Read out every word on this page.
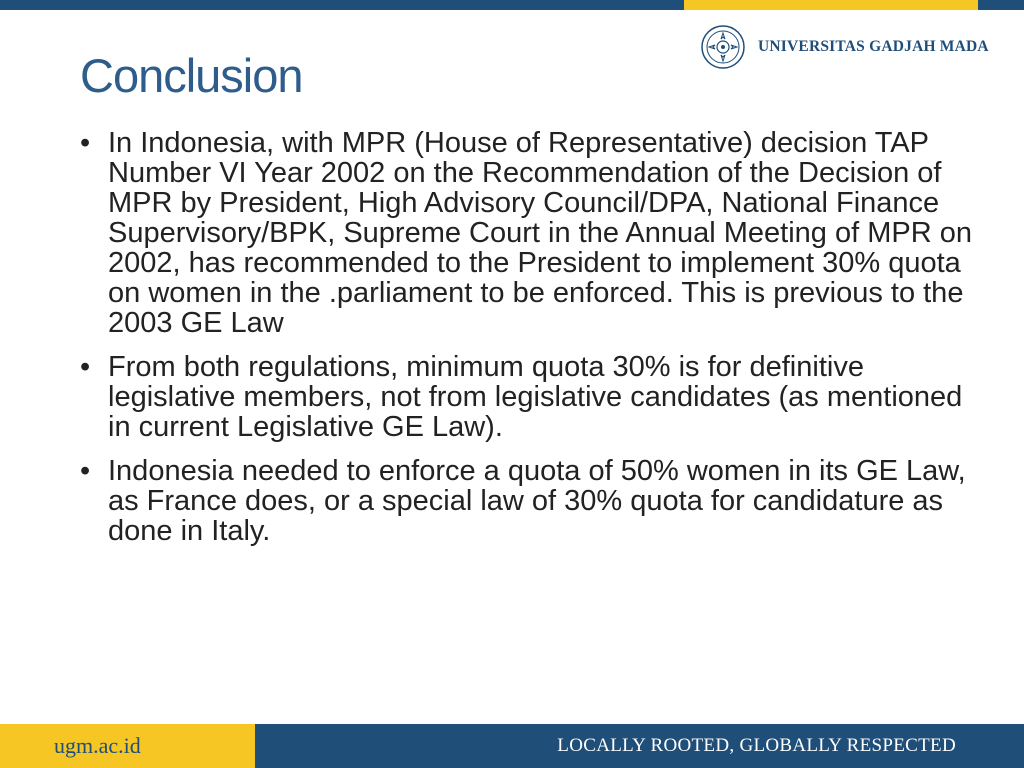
Conclusion
UNIVERSITAS GADJAH MADA
• In Indonesia, with MPR (House of Representative) decision TAP Number VI Year 2002 on the Recommendation of the Decision of MPR by President, High Advisory Council/DPA, National Finance Supervisory/BPK, Supreme Court in the Annual Meeting of MPR on 2002, has recommended to the President to implement 30% quota on women in the .parliament to be enforced. This is previous to the 2003 GE Law
• From both regulations, minimum quota 30% is for definitive legislative members, not from legislative candidates (as mentioned in current Legislative GE Law).
• Indonesia needed to enforce a quota of 50% women in its GE Law, as France does, or a special law of 30% quota for candidature as done in Italy.
ugm.ac.id	LOCALLY ROOTED, GLOBALLY RESPECTED
